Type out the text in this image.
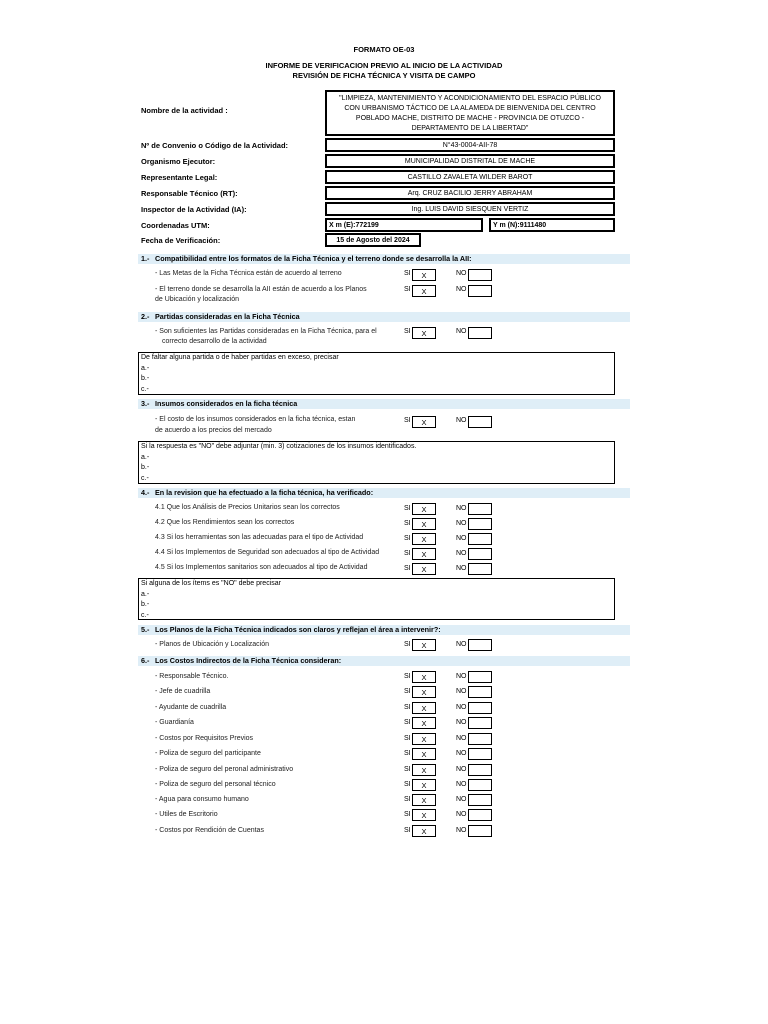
FORMATO OE-03
INFORME DE VERIFICACION PREVIO AL INICIO DE LA ACTIVIDAD
REVISIÓN DE FICHA TÉCNICA Y VISITA DE CAMPO
Nombre de la actividad :
"LIMPIEZA, MANTENIMIENTO Y ACONDICIONAMIENTO DEL ESPACIO PÚBLICO CON URBANISMO TÁCTICO DE LA ALAMEDA DE BIENVENIDA DEL CENTRO POBLADO MACHE, DISTRITO DE MACHE - PROVINCIA DE OTUZCO - DEPARTAMENTO DE LA LIBERTAD"
Nº de Convenio o Código de la Actividad:	N°43-0004-AII-78
Organismo Ejecutor:	MUNICIPALIDAD DISTRITAL DE MACHE
Representante Legal:	CASTILLO ZAVALETA WILDER BAROT
Responsable Técnico (RT):	Arq. CRUZ BACILIO JERRY ABRAHAM
Inspector de la Actividad (IA):	Ing. LUIS DAVID SIESQUEN VERTIZ
Coordenadas UTM:	X m (E):772199	Y m (N):9111480
Fecha de Verificación:	15 de Agosto del 2024
1.- Compatibilidad entre los formatos de la Ficha Técnica y el terreno donde se desarrolla la AII:
- Las Metas de la Ficha Técnica están de acuerdo al terreno	SI	X	NO
- El terreno donde se desarrolla la AII están de acuerdo a los Planos
de Ubicación y localización
SI	X	NO
2.- Partidas consideradas en la Ficha Técnica
- Son suficientes las Partidas consideradas en la Ficha Técnica, para el
correcto desarrollo de la actividad
SI	X	NO
De faltar alguna partida o de haber partidas en exceso, precisar
a.-
b.-
c.-
3.- Insumos considerados en la ficha técnica
- El costo de los insumos considerados en la ficha técnica, estan
de acuerdo a los precios del mercado
SI	X	NO
Si la respuesta es "NO" debe adjuntar (min. 3) cotizaciones de los insumos identificados.
a.-
b.-
c.-
4.- En la revision que ha efectuado a la ficha técnica, ha verificado:
4.1 Que los Análisis de Precios Unitarios sean los correctos	SI	X	NO
4.2 Que los Rendimientos sean los correctos	SI	X	NO
4.3 Si los herramientas son las adecuadas para el tipo de Actividad	SI	X	NO
4.4 Si los Implementos de Seguridad son adecuados al tipo de Actividad	SI	X	NO
4.5 Si los Implementos sanitarios son adecuados al tipo de Actividad	SI	X	NO
Si alguna de los ítems es "NO" debe precisar
a.-
b.-
c.-
5.- Los Planos de la Ficha Técnica indicados son claros y reflejan el área a intervenir?:
- Planos de Ubicación y Localización	SI	X	NO
6.- Los Costos Indirectos de la Ficha Técnica consideran:
- Responsable Técnico.	SI	X	NO
- Jefe de cuadrilla	SI	X	NO
- Ayudante de cuadrilla	SI	X	NO
- Guardianía	SI	X	NO
- Costos por Requisitos Previos	SI	X	NO
- Poliza de seguro del participante	SI	X	NO
- Poliza de seguro del peronal administrativo	SI	X	NO
- Poliza de seguro del personal técnico	SI	X	NO
- Agua para consumo humano	SI	X	NO
- Utiles de Escritorio	SI	X	NO
- Costos por Rendición de Cuentas	SI	X	NO
